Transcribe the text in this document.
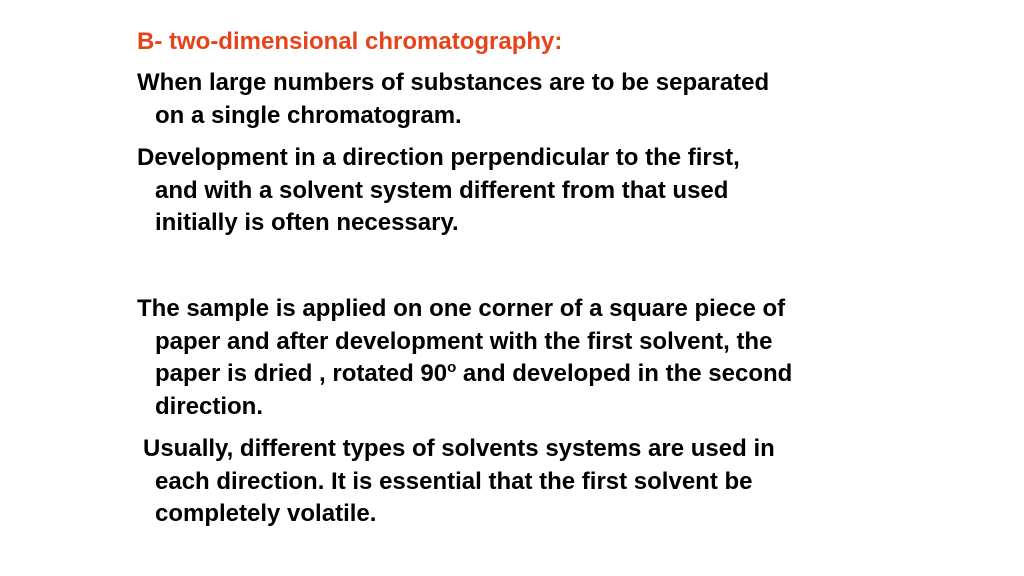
B- two-dimensional chromatography:
When large numbers of substances are to be separated
on a single chromatogram.
Development in a direction perpendicular to the first,
and with a solvent system different from that used
initially is often necessary.
The sample is applied on one corner of a square piece of
paper and after development with the first solvent, the
paper is dried , rotated 90$^o$ and developed in the second
direction.
Usually, different types of solvents systems are used in
each direction. It is essential that the first solvent be
completely volatile.
